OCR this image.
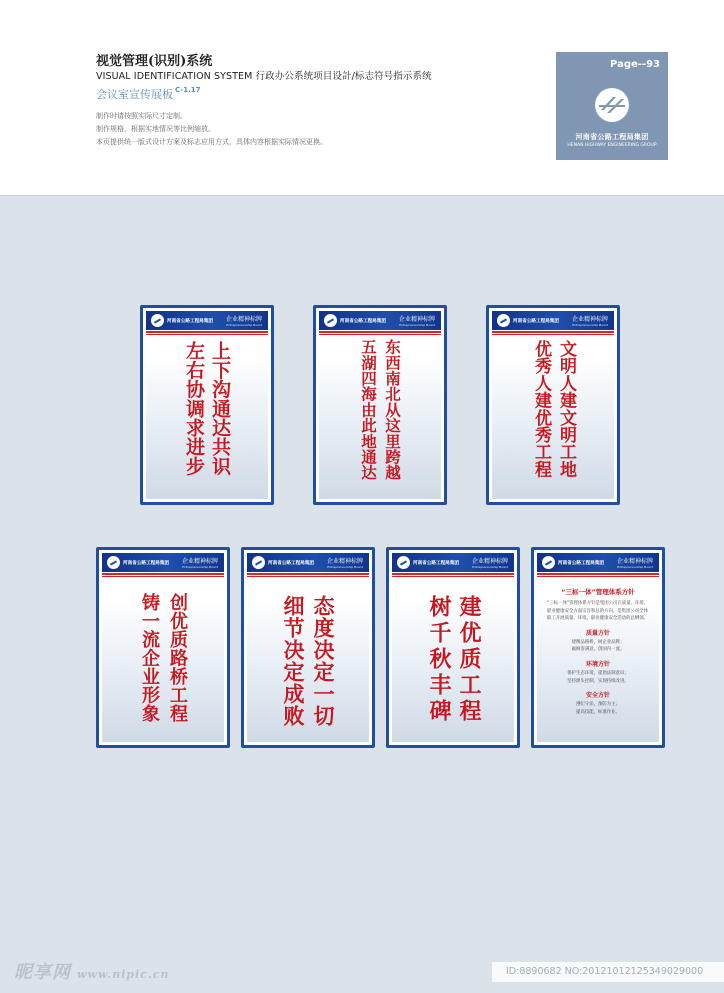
视觉管理(识别)系统
VISUAL IDENTIFICATION SYSTEM 行政办公系统项目设計/标志符号指示系统
会议室宣传展板 $^{C-1.17}$
制作时请按照实际尺寸定制。
制作规格，根据实地情况等比例缩放。
本页提供统一版式设计方案及标志应用方式，具体内容根据实际情况更换。
Page--93
河南省公路工程局集团
HENAN HIGHWAY ENGINEERING GROUP
河南省公路工程局集团 企业精神标牌
Entrepreneurship Board
上下沟通达共识
左右协调求进步
河南省公路工程局集团 企业精神标牌
Entrepreneurship Board
东西南北从这里跨越
五湖四海由此地通达
河南省公路工程局集团 企业精神标牌
Entrepreneurship Board
文明人建文明工地
优秀人建优秀工程
河南省公路工程局集团 企业精神标牌
Entrepreneurship Board
创优质路桥工程
铸一流企业形象
河南省公路工程局集团 企业精神标牌
Entrepreneurship Board
态度决定一切
细节决定成败
河南省公路工程局集团 企业精神标牌
Entrepreneurship Board
建优质工程
树千秋丰碑
河南省公路工程局集团 企业精神标牌
Entrepreneurship Board
“三标一体”管理体系方针
“三标一体”管理体系方针是集团公司在质量、环境、职业健康安全方面宗旨和总的方向，是集团公司全体职工开展质量、环境、职业健康安全活动的总纲领。
质量方针
建精品路桥，树企业品牌；
赢顾客满意，创国内一流。
环境方针
保护生态环境，提倡法制意识；
坚持源头控制，实现持续改进。
安全方针
遵纪守法，预防为主；
提高技能，标准作业。
昵享网 www.nipic.cn	ID:8890682 NO:20121012125349029000
